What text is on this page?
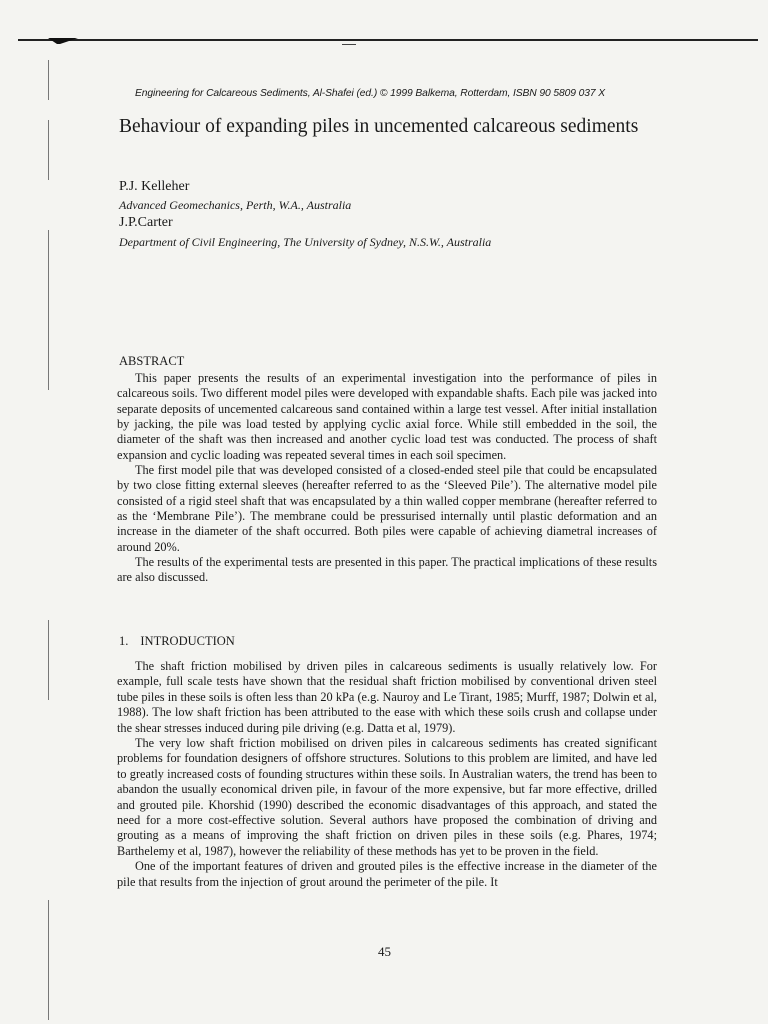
Engineering for Calcareous Sediments, Al-Shafei (ed.) © 1999 Balkema, Rotterdam, ISBN 90 5809 037 X
Behaviour of expanding piles in uncemented calcareous sediments
P.J. Kelleher
Advanced Geomechanics, Perth, W.A., Australia
J.P.Carter
Department of Civil Engineering, The University of Sydney, N.S.W., Australia
ABSTRACT

This paper presents the results of an experimental investigation into the performance of piles in calcareous soils. Two different model piles were developed with expandable shafts. Each pile was jacked into separate deposits of uncemented calcareous sand contained within a large test vessel. After initial installation by jacking, the pile was load tested by applying cyclic axial force. While still embedded in the soil, the diameter of the shaft was then increased and another cyclic load test was conducted. The process of shaft expansion and cyclic loading was repeated several times in each soil specimen.

The first model pile that was developed consisted of a closed-ended steel pile that could be encapsulated by two close fitting external sleeves (hereafter referred to as the ‘Sleeved Pile’). The alternative model pile consisted of a rigid steel shaft that was encapsulated by a thin walled copper membrane (hereafter referred to as the ‘Membrane Pile’). The membrane could be pressurised internally until plastic deformation and an increase in the diameter of the shaft occurred. Both piles were capable of achieving diametral increases of around 20%.

The results of the experimental tests are presented in this paper. The practical implications of these results are also discussed.

1. INTRODUCTION

The shaft friction mobilised by driven piles in calcareous sediments is usually relatively low. For example, full scale tests have shown that the residual shaft friction mobilised by conventional driven steel tube piles in these soils is often less than 20 kPa (e.g. Nauroy and Le Tirant, 1985; Murff, 1987; Dolwin et al, 1988). The low shaft friction has been attributed to the ease with which these soils crush and collapse under the shear stresses induced during pile driving (e.g. Datta et al, 1979).

The very low shaft friction mobilised on driven piles in calcareous sediments has created significant problems for foundation designers of offshore structures. Solutions to this problem are limited, and have led to greatly increased costs of founding structures within these soils. In Australian waters, the trend has been to abandon the usually economical driven pile, in favour of the more expensive, but far more effective, drilled and grouted pile. Khorshid (1990) described the economic disadvantages of this approach, and stated the need for a more cost-effective solution. Several authors have proposed the combination of driving and grouting as a means of improving the shaft friction on driven piles in these soils (e.g. Phares, 1974; Barthelemy et al, 1987), however the reliability of these methods has yet to be proven in the field.

One of the important features of driven and grouted piles is the effective increase in the diameter of the pile that results from the injection of grout around the perimeter of the pile. It

45
